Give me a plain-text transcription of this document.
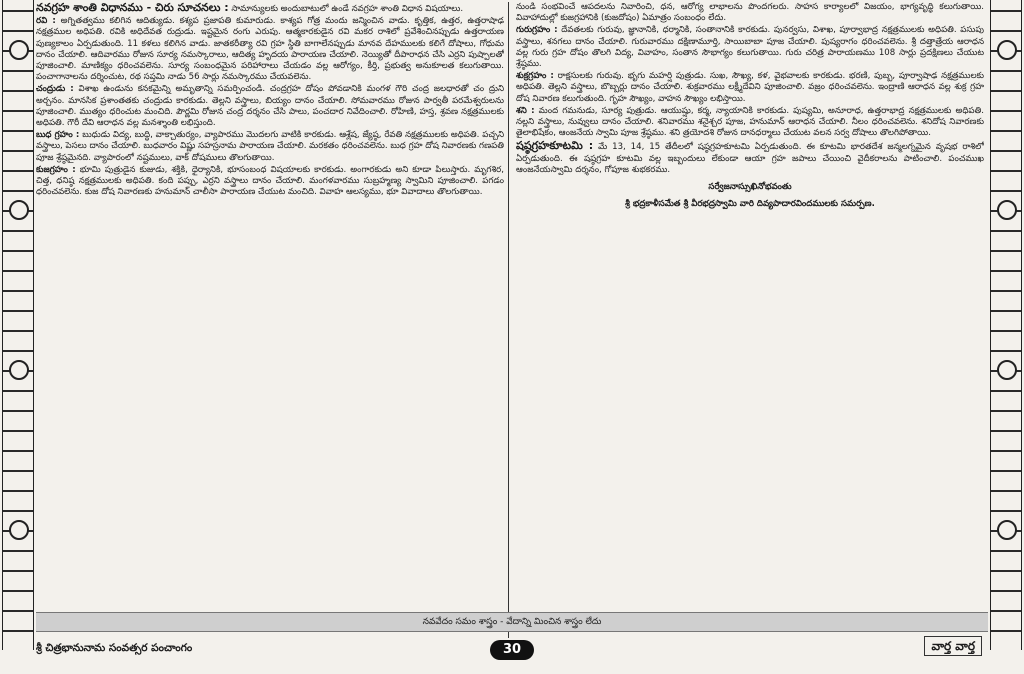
నవగ్రహ శాంతి విధానము - చిరు సూచనలు : సామాన్యులకు అందుబాటులో ఉండే నవగ్రహ శాంతి విధాన విషయాలు.

రవి : అగ్నితత్వము కలిగిన ఆదిత్యుడు. కశ్యప ప్రజాపతి కుమారుడు. కాశ్యప గోత్ర మందు జన్మించిన వాడు. కృత్తిక, ఉత్తర, ఉత్తరాషాఢ నక్షత్రముల అధిపతి. రవికి అధిదేవత రుద్రుడు. ఇష్టమైన రంగు ఎరుపు. ఆత్మకారకుడైన రవి మకర రాశిలో ప్రవేశించినప్పుడు ఉత్తరాయణ పుణ్యకాలం ఏర్పడుతుంది. 11 కళలు కలిగిన వాడు. జాతకరీత్యా రవి గ్రహ స్థితి బాగాలేనప్పుడు మానవ దేహములకు కలిగే దోషాలు, గోధుమ దానం చేయాలి. ఆదివారము రోజున సూర్య నమస్కారాలు, ఆదిత్య హృదయ పారాయణ చేయాలి. నెయ్యితో దీపారాధన చేసి ఎర్రని పుష్పాలతో పూజించాలి. మాణిక్యం ధరించవలెను. సూర్య సంబంధమైన పరిహారాలు చేయడం వల్ల ఆరోగ్యం, కీర్తి, ప్రభుత్వ అనుకూలత కలుగుతాయి. పంచాగానాలను దర్శించుట, రథ సప్తమి నాడు 56 సార్లు నమస్కారము చేయవలెను.

చంద్రుడు : విశాఖ ఉండును కనకమైన్ని అమృతాన్ని సమర్పించండి. చంద్రగ్రహ దోషం పోవడానికి మంగళ గౌరి చంద్ర జలధారతో చం ద్రుని అర్చనం. మానసిక ప్రశాంతతకు చంద్రుడు కారకుడు. తెల్లని వస్త్రాలు, బియ్యం దానం చేయాలి. సోమవారము రోజున పార్వతీ పరమేశ్వరులను పూజించాలి. ముత్యం ధరించుట మంచిది. పౌర్ణమి రోజున చంద్ర దర్శనం చేసి పాలు, పంచదార నివేదించాలి. రోహిణి, హస్త, శ్రవణ నక్షత్రములకు అధిపతి. గౌరీ దేవి ఆరాధన వల్ల మనశ్శాంతి లభిస్తుంది.

బుధ గ్రహం : బుధుడు విద్య, బుద్ధి, వాక్చాతుర్యం, వ్యాపారము మొదలగు వాటికి కారకుడు. ఆశ్లేష, జ్యేష్ఠ, రేవతి నక్షత్రములకు అధిపతి. పచ్చని వస్త్రాలు, పెసలు దానం చేయాలి. బుధవారం విష్ణు సహస్రనామ పారాయణ చేయాలి. మరకతం ధరించవలెను. బుధ గ్రహ దోష నివారణకు గణపతి పూజ శ్రేష్ఠమైనది. వ్యాపారంలో నష్టములు, వాక్ దోషములు తొలగుతాయి.

కుజగ్రహం : భూమి పుత్రుడైన కుజుడు, శక్తికి, ధైర్యానికి, భూసంబంధ విషయాలకు కారకుడు. అంగారకుడు అని కూడా పిలుస్తారు. మృగశిర, చిత్త, ధనిష్ఠ నక్షత్రములకు అధిపతి. కంది పప్పు, ఎర్రని వస్త్రాలు దానం చేయాలి. మంగళవారము సుబ్రహ్మణ్య స్వామిని పూజించాలి. పగడం ధరించవలెను. కుజ దోష నివారణకు హనుమాన్ చాలీసా పారాయణ చేయుట మంచిది. వివాహ ఆలస్యము, భూ వివాదాలు తొలగుతాయి.

నుండి సంభవించే ఆపదలను నివారించి, ధన, ఆరోగ్య లాభాలను పొందగలరు. సాహస కార్యాలలో విజయం, భాగ్యవృద్ధి కలుగుతాయి. వివాహాదుల్లో కుజగ్రహానికి (కుజదోషం) ఏమాత్రం సంబంధం లేదు.

గురుగ్రహం : దేవతలకు గురువు, జ్ఞానానికి, ధర్మానికి, సంతానానికి కారకుడు. పునర్వసు, విశాఖ, పూర్వాభాద్ర నక్షత్రములకు అధిపతి. పసుపు వస్త్రాలు, శనగలు దానం చేయాలి. గురువారము దక్షిణామూర్తి, సాయిబాబా పూజ చేయాలి. పుష్యరాగం ధరించవలెను. శ్రీ దత్తాత్రేయ ఆరాధన వల్ల గురు గ్రహ దోషం తొలగి విద్య, వివాహం, సంతాన సౌభాగ్యం కలుగుతాయి. గురు చరిత్ర పారాయణము 108 సార్లు ప్రదక్షిణలు చేయుట శ్రేష్ఠము.

శుక్రగ్రహం : రాక్షసులకు గురువు. భృగు మహర్షి పుత్రుడు. సుఖ, సౌఖ్య, కళ, వైభవాలకు కారకుడు. భరణి, పుబ్బ, పూర్వాషాఢ నక్షత్రములకు అధిపతి. తెల్లని వస్త్రాలు, బొబ్బర్లు దానం చేయాలి. శుక్రవారము లక్ష్మీదేవిని పూజించాలి. వజ్రం ధరించవలెను. ఇంద్రాణి ఆరాధన వల్ల శుక్ర గ్రహ దోష నివారణ కలుగుతుంది. గృహ సౌఖ్యం, వాహన సౌఖ్యం లభిస్తాయి.

శని : మంద గమనుడు, సూర్య పుత్రుడు. ఆయుష్షు, కర్మ, న్యాయానికి కారకుడు. పుష్యమి, అనూరాధ, ఉత్తరాభాద్ర నక్షత్రములకు అధిపతి. నల్లని వస్త్రాలు, నువ్వులు దానం చేయాలి. శనివారము శనైశ్చర పూజ, హనుమాన్ ఆరాధన చేయాలి. నీలం ధరించవలెను. శనిదోష నివారణకు తైలాభిషేకం, ఆంజనేయ స్వామి పూజ శ్రేష్ఠము. శని త్రయోదశి రోజున దానధర్మాలు చేయుట వలన సర్వ దోషాలు తొలగిపోతాయి.

షష్ఠగ్రహకూటమి : మే 13, 14, 15 తేదీలలో షష్ఠగ్రహకూటమి ఏర్పడుతుంది. ఈ కూటమి భారతదేశ జన్మలగ్నమైన వృషభ రాశిలో ఏర్పడుతుంది. ఈ షష్ఠగ్రహ కూటమి వల్ల ఇబ్బందులు లేకుండా ఆయా గ్రహ జపాలు చేయించి వైదీకరాలను పాటించాలి. పంచముఖ ఆంజనేయస్వామి దర్శనం, గోపూజ శుభకరము.

సర్వేజనాస్సుఖినోభవంతు

శ్రీ భద్రకాళీసమేత శ్రీ వీరభద్రస్వామి వారి దివ్యపాదారవిందములకు సమర్పణ.

నవవేదం సమం శాస్త్రం - వేదాన్ని మించిన శాస్త్రం లేదు
శ్రీ చిత్రభానునామ సంవత్సర పంచాంగం	30	వార్త వార్త
